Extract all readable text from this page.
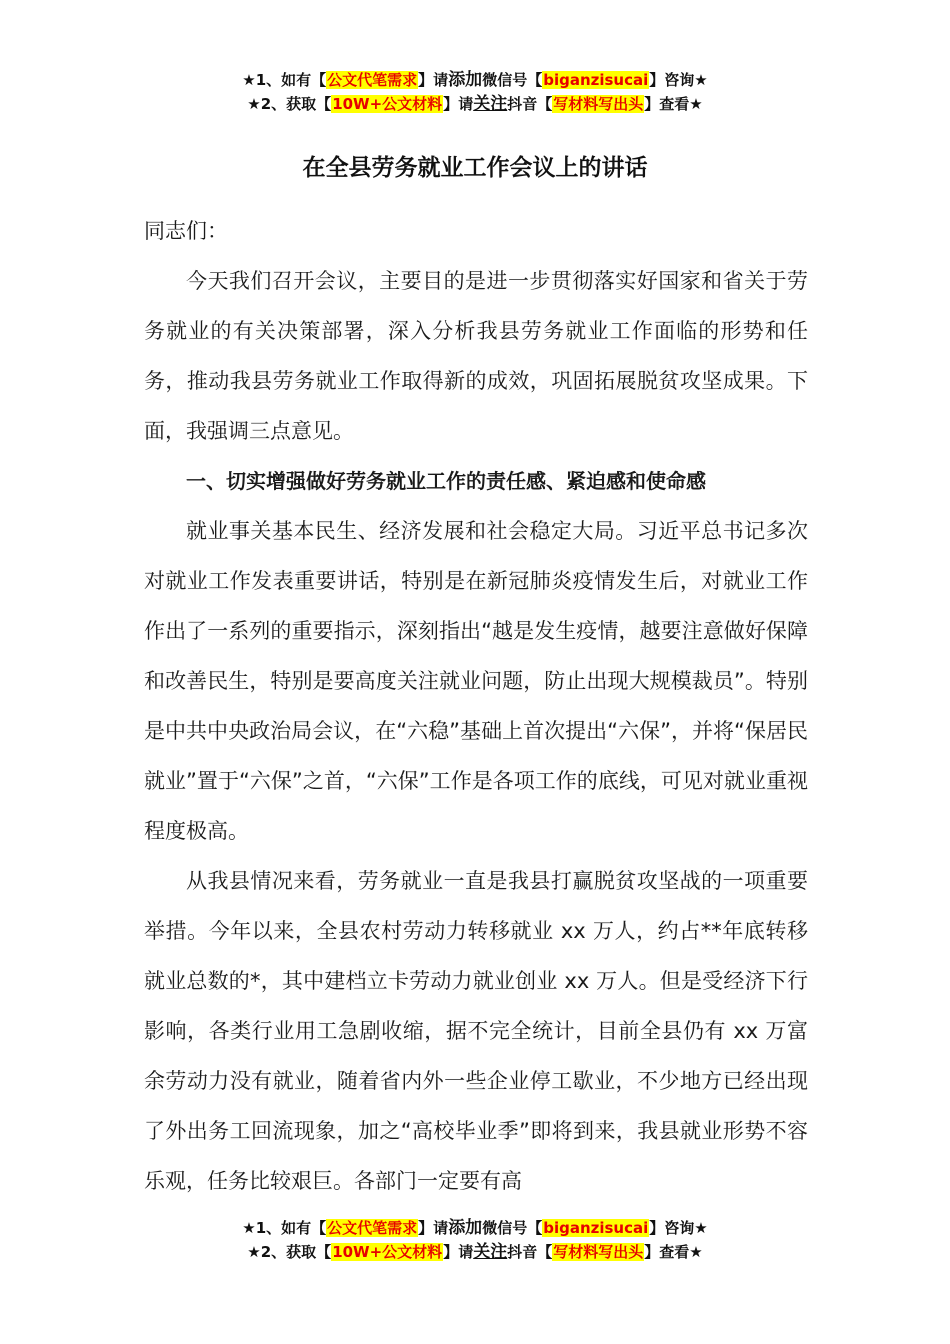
★1、如有【公文代笔需求】请添加微信号【biganzisucai】咨询★
★2、获取【10W+公文材料】请关注抖音【写材料写出头】查看★
在全县劳务就业工作会议上的讲话

同志们：

今天我们召开会议，主要目的是进一步贯彻落实好国家和省关于劳务就业的有关决策部署，深入分析我县劳务就业工作面临的形势和任务，推动我县劳务就业工作取得新的成效，巩固拓展脱贫攻坚成果。下面，我强调三点意见。

一、切实增强做好劳务就业工作的责任感、紧迫感和使命感

就业事关基本民生、经济发展和社会稳定大局。习近平总书记多次对就业工作发表重要讲话，特别是在新冠肺炎疫情发生后，对就业工作作出了一系列的重要指示，深刻指出“越是发生疫情，越要注意做好保障和改善民生，特别是要高度关注就业问题，防止出现大规模裁员”。特别是中共中央政治局会议，在“六稳”基础上首次提出“六保”，并将“保居民就业”置于“六保”之首，“六保”工作是各项工作的底线，可见对就业重视程度极高。

从我县情况来看，劳务就业一直是我县打赢脱贫攻坚战的一项重要举措。今年以来，全县农村劳动力转移就业 xx 万人，约占**年底转移就业总数的*，其中建档立卡劳动力就业创业 xx 万人。但是受经济下行影响，各类行业用工急剧收缩，据不完全统计，目前全县仍有 xx 万富余劳动力没有就业，随着省内外一些企业停工歇业，不少地方已经出现了外出务工回流现象，加之“高校毕业季”即将到来，我县就业形势不容乐观，任务比较艰巨。各部门一定要有高

★1、如有【公文代笔需求】请添加微信号【biganzisucai】咨询★
★2、获取【10W+公文材料】请关注抖音【写材料写出头】查看★
